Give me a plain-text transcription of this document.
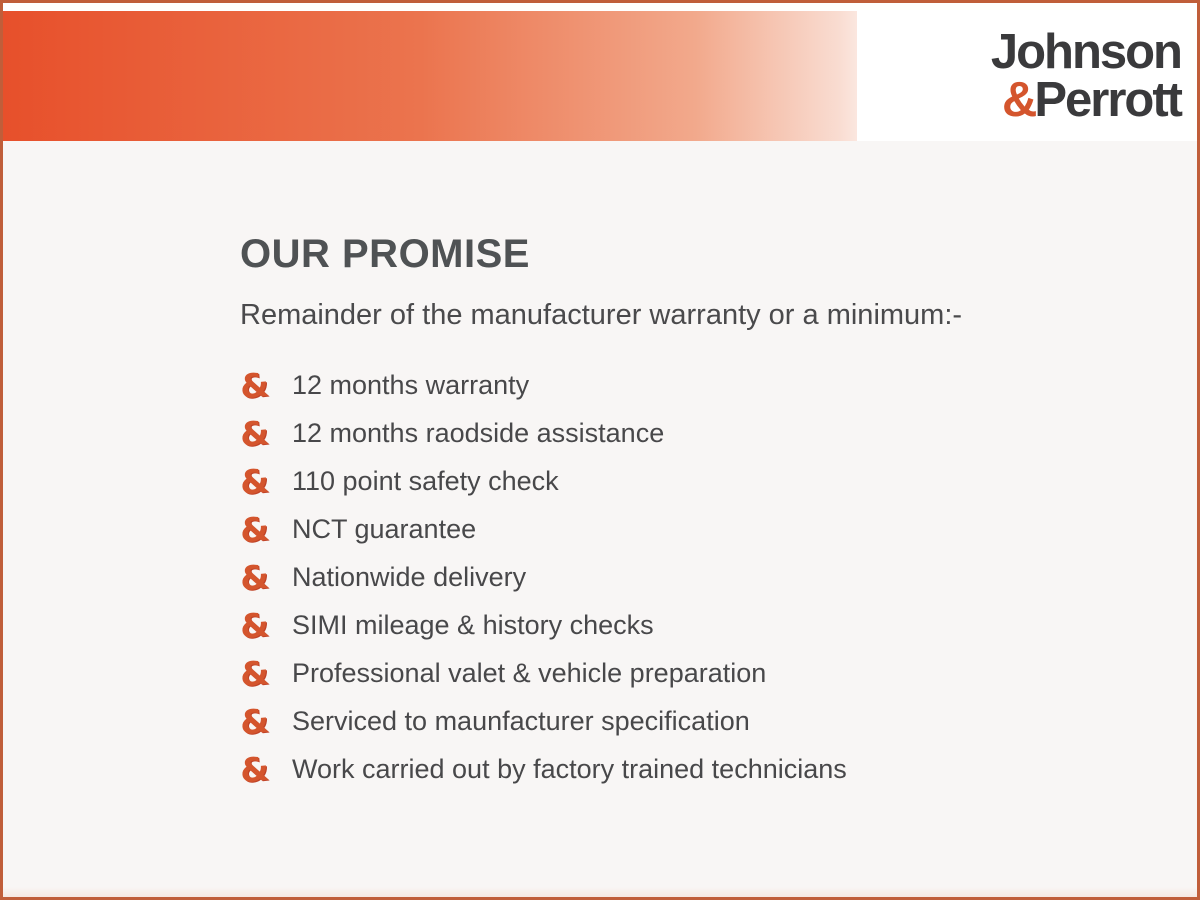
Johnson
&Perrott
OUR PROMISE

Remainder of the manufacturer warranty or a minimum:-

& 12 months warranty
& 12 months raodside assistance
& 110 point safety check
& NCT guarantee
& Nationwide delivery
& SIMI mileage & history checks
& Professional valet & vehicle preparation
& Serviced to maunfacturer specification
& Work carried out by factory trained technicians
